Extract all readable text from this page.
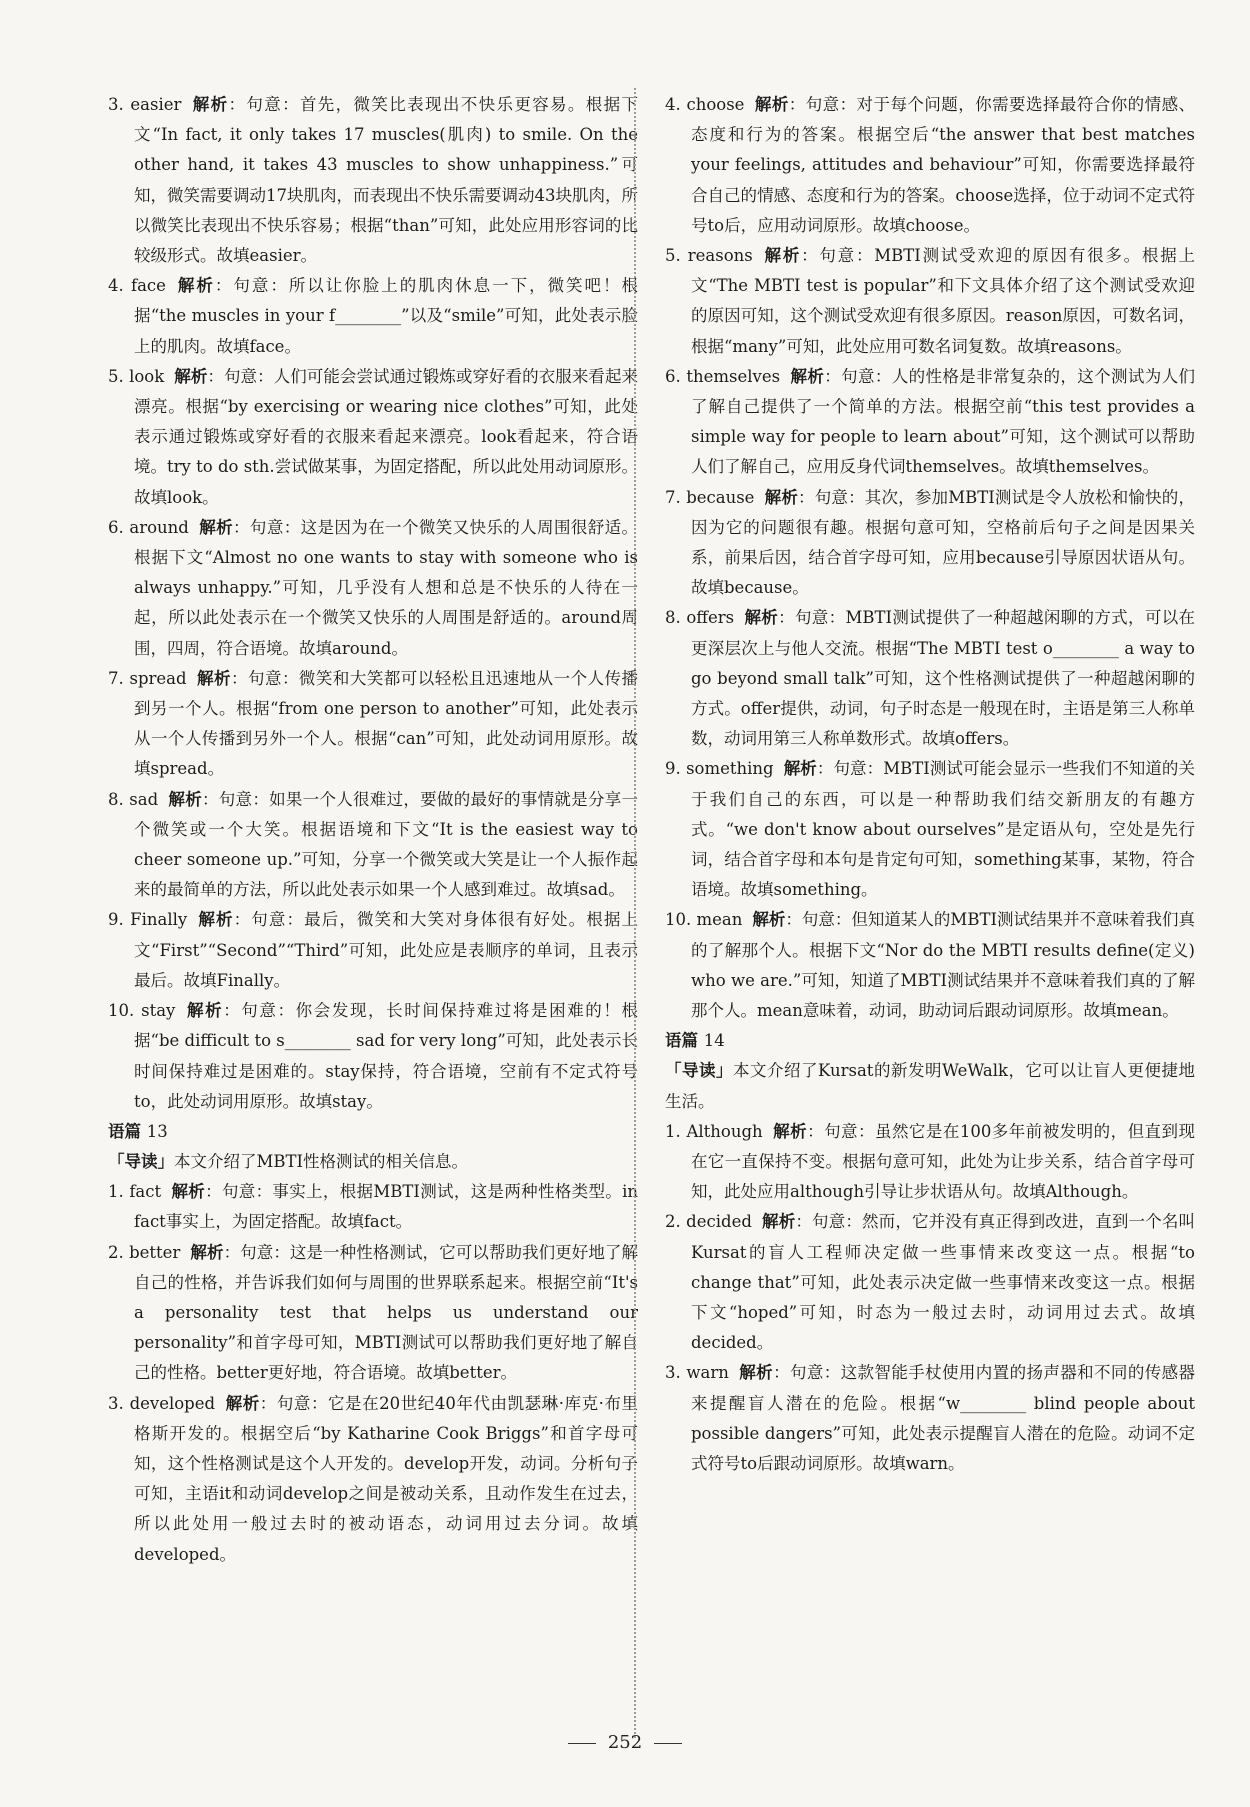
3. easier 解析：句意：首先，微笑比表现出不快乐更容易。根据下文“In fact, it only takes 17 muscles(肌肉) to smile. On the other hand, it takes 43 muscles to show unhappiness.”可知，微笑需要调动17块肌肉，而表现出不快乐需要调动43块肌肉，所以微笑比表现出不快乐容易；根据“than”可知，此处应用形容词的比较级形式。故填easier。

4. face 解析：句意：所以让你脸上的肌肉休息一下，微笑吧！根据“the muscles in your f________”以及“smile”可知，此处表示脸上的肌肉。故填face。

5. look 解析：句意：人们可能会尝试通过锻炼或穿好看的衣服来看起来漂亮。根据“by exercising or wearing nice clothes”可知，此处表示通过锻炼或穿好看的衣服来看起来漂亮。look看起来，符合语境。try to do sth.尝试做某事，为固定搭配，所以此处用动词原形。故填look。

6. around 解析：句意：这是因为在一个微笑又快乐的人周围很舒适。根据下文“Almost no one wants to stay with someone who is always unhappy.”可知，几乎没有人想和总是不快乐的人待在一起，所以此处表示在一个微笑又快乐的人周围是舒适的。around周围，四周，符合语境。故填around。

7. spread 解析：句意：微笑和大笑都可以轻松且迅速地从一个人传播到另一个人。根据“from one person to another”可知，此处表示从一个人传播到另外一个人。根据“can”可知，此处动词用原形。故填spread。

8. sad 解析：句意：如果一个人很难过，要做的最好的事情就是分享一个微笑或一个大笑。根据语境和下文“It is the easiest way to cheer someone up.”可知，分享一个微笑或大笑是让一个人振作起来的最简单的方法，所以此处表示如果一个人感到难过。故填sad。

9. Finally 解析：句意：最后，微笑和大笑对身体很有好处。根据上文“First”“Second”“Third”可知，此处应是表顺序的单词，且表示最后。故填Finally。

10. stay 解析：句意：你会发现，长时间保持难过将是困难的！根据“be difficult to s________ sad for very long”可知，此处表示长时间保持难过是困难的。stay保持，符合语境，空前有不定式符号to，此处动词用原形。故填stay。

语篇 13

「导读」本文介绍了MBTI性格测试的相关信息。

1. fact 解析：句意：事实上，根据MBTI测试，这是两种性格类型。in fact事实上，为固定搭配。故填fact。

2. better 解析：句意：这是一种性格测试，它可以帮助我们更好地了解自己的性格，并告诉我们如何与周围的世界联系起来。根据空前“It's a personality test that helps us understand our personality”和首字母可知，MBTI测试可以帮助我们更好地了解自己的性格。better更好地，符合语境。故填better。

3. developed 解析：句意：它是在20世纪40年代由凯瑟琳·库克·布里格斯开发的。根据空后“by Katharine Cook Briggs”和首字母可知，这个性格测试是这个人开发的。develop开发，动词。分析句子可知，主语it和动词develop之间是被动关系，且动作发生在过去，所以此处用一般过去时的被动语态，动词用过去分词。故填developed。

4. choose 解析：句意：对于每个问题，你需要选择最符合你的情感、态度和行为的答案。根据空后“the answer that best matches your feelings, attitudes and behaviour”可知，你需要选择最符合自己的情感、态度和行为的答案。choose选择，位于动词不定式符号to后，应用动词原形。故填choose。

5. reasons 解析：句意：MBTI测试受欢迎的原因有很多。根据上文“The MBTI test is popular”和下文具体介绍了这个测试受欢迎的原因可知，这个测试受欢迎有很多原因。reason原因，可数名词，根据“many”可知，此处应用可数名词复数。故填reasons。

6. themselves 解析：句意：人的性格是非常复杂的，这个测试为人们了解自己提供了一个简单的方法。根据空前“this test provides a simple way for people to learn about”可知，这个测试可以帮助人们了解自己，应用反身代词themselves。故填themselves。

7. because 解析：句意：其次，参加MBTI测试是令人放松和愉快的，因为它的问题很有趣。根据句意可知，空格前后句子之间是因果关系，前果后因，结合首字母可知，应用because引导原因状语从句。故填because。

8. offers 解析：句意：MBTI测试提供了一种超越闲聊的方式，可以在更深层次上与他人交流。根据“The MBTI test o________ a way to go beyond small talk”可知，这个性格测试提供了一种超越闲聊的方式。offer提供，动词，句子时态是一般现在时，主语是第三人称单数，动词用第三人称单数形式。故填offers。

9. something 解析：句意：MBTI测试可能会显示一些我们不知道的关于我们自己的东西，可以是一种帮助我们结交新朋友的有趣方式。“we don't know about ourselves”是定语从句，空处是先行词，结合首字母和本句是肯定句可知，something某事，某物，符合语境。故填something。

10. mean 解析：句意：但知道某人的MBTI测试结果并不意味着我们真的了解那个人。根据下文“Nor do the MBTI results define(定义) who we are.”可知，知道了MBTI测试结果并不意味着我们真的了解那个人。mean意味着，动词，助动词后跟动词原形。故填mean。

语篇 14

「导读」本文介绍了Kursat的新发明WeWalk，它可以让盲人更便捷地生活。

1. Although 解析：句意：虽然它是在100多年前被发明的，但直到现在它一直保持不变。根据句意可知，此处为让步关系，结合首字母可知，此处应用although引导让步状语从句。故填Although。

2. decided 解析：句意：然而，它并没有真正得到改进，直到一个名叫Kursat的盲人工程师决定做一些事情来改变这一点。根据“to change that”可知，此处表示决定做一些事情来改变这一点。根据下文“hoped”可知，时态为一般过去时，动词用过去式。故填decided。

3. warn 解析：句意：这款智能手杖使用内置的扬声器和不同的传感器来提醒盲人潜在的危险。根据“w________ blind people about possible dangers”可知，此处表示提醒盲人潜在的危险。动词不定式符号to后跟动词原形。故填warn。

252
